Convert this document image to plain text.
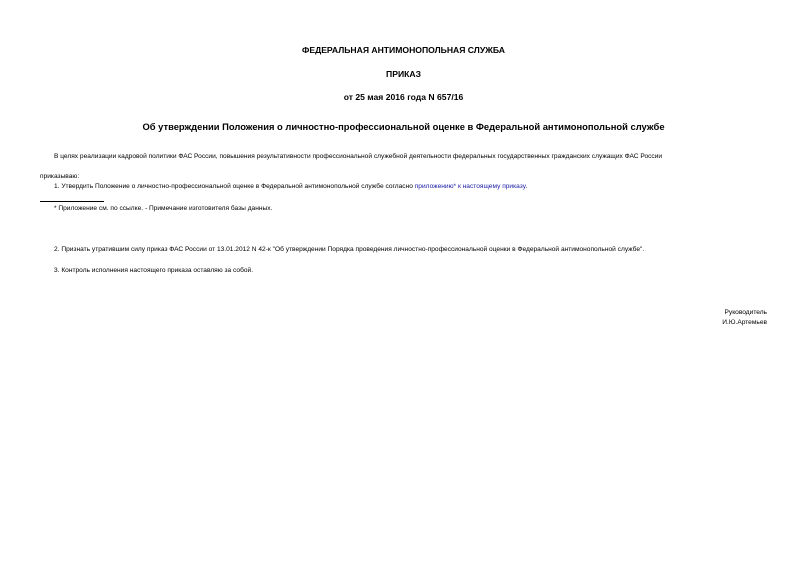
ФЕДЕРАЛЬНАЯ АНТИМОНОПОЛЬНАЯ СЛУЖБА
ПРИКАЗ
от 25 мая 2016 года N 657/16
Об утверждении Положения о личностно-профессиональной оценке в Федеральной антимонопольной службе
В целях реализации кадровой политики ФАС России, повышения результативности профессиональной служебной деятельности федеральных государственных гражданских служащих ФАС России
приказываю:
1. Утвердить Положение о личностно-профессиональной оценке в Федеральной антимонопольной службе согласно приложению* к настоящему приказу.
* Приложение см. по ссылке. - Примечание изготовителя базы данных.
2. Признать утратившим силу приказ ФАС России от 13.01.2012 N 42-к "Об утверждении Порядка проведения личностно-профессиональной оценки в Федеральной антимонопольной службе".
3. Контроль исполнения настоящего приказа оставляю за собой.
Руководитель
И.Ю.Артемьев
